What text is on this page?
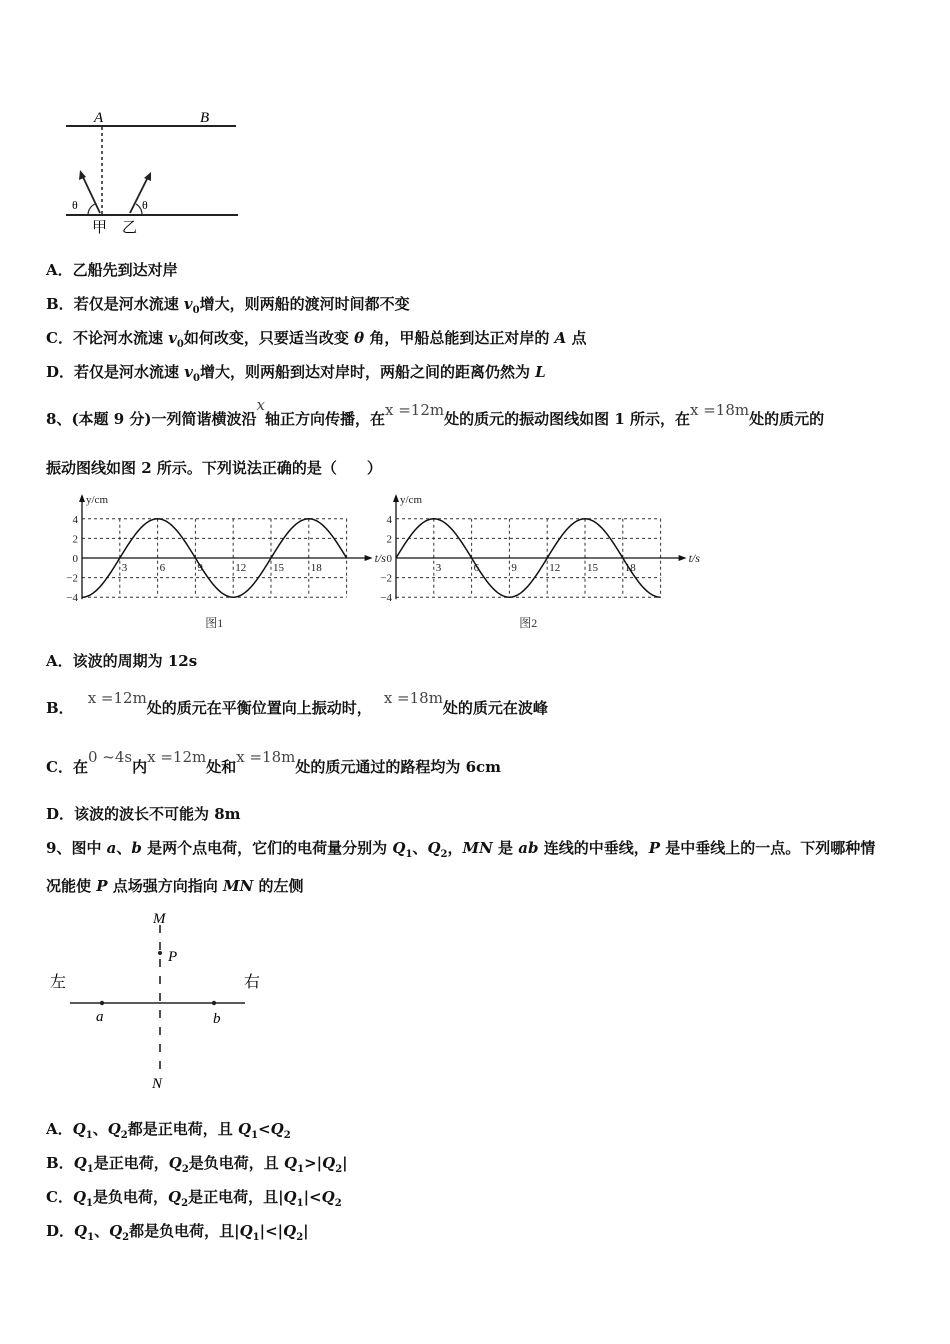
A	B
θ	θ
甲 乙
A．乙船先到达对岸
B．若仅是河水流速 $v_0$增大，则两船的渡河时间都不变
C．不论河水流速 $v_0$如何改变，只要适当改变 θ 角，甲船总能到达正对岸的 A 点
D．若仅是河水流速 $v_0$增大，则两船到达对岸时，两船之间的距离仍然为 L
8、(本题 9 分)一列简谐横波沿x轴正方向传播，在x =12m处的质元的振动图线如图 1 所示，在x =18m处的质元的
振动图线如图 2 所示。下列说法正确的是（　　）
y/cm
t/s
4
2
0
−2
−4
3	6	9	12 15 18
图1
y/cm
t/s
4
2
0
−2
−4
3	6	9	12 15 18
图2
A．该波的周期为 12s
B．x =12m处的质元在平衡位置向上振动时，x =18m处的质元在波峰
C．在0 ~4s内x =12m处和x =18m处的质元通过的路程均为 6cm
D．该波的波长不可能为 8m
9、图中 a、b 是两个点电荷，它们的电荷量分别为 $Q_1$、$Q_2$，MN 是 ab 连线的中垂线，P 是中垂线上的一点。下列哪种情
况能使 P 点场强方向指向 MN 的左侧
M
P
N
左	右
a	b
A．$Q_1$、$Q_2$都是正电荷，且 $Q_1<Q_2$
B．$Q_1$是正电荷，$Q_2$是负电荷，且 $Q_1>|Q_2|$
C．$Q_1$是负电荷，$Q_2$是正电荷，且$|Q_1|<Q_2$
D．$Q_1$、$Q_2$都是负电荷，且$|Q_1|<|Q_2|$
